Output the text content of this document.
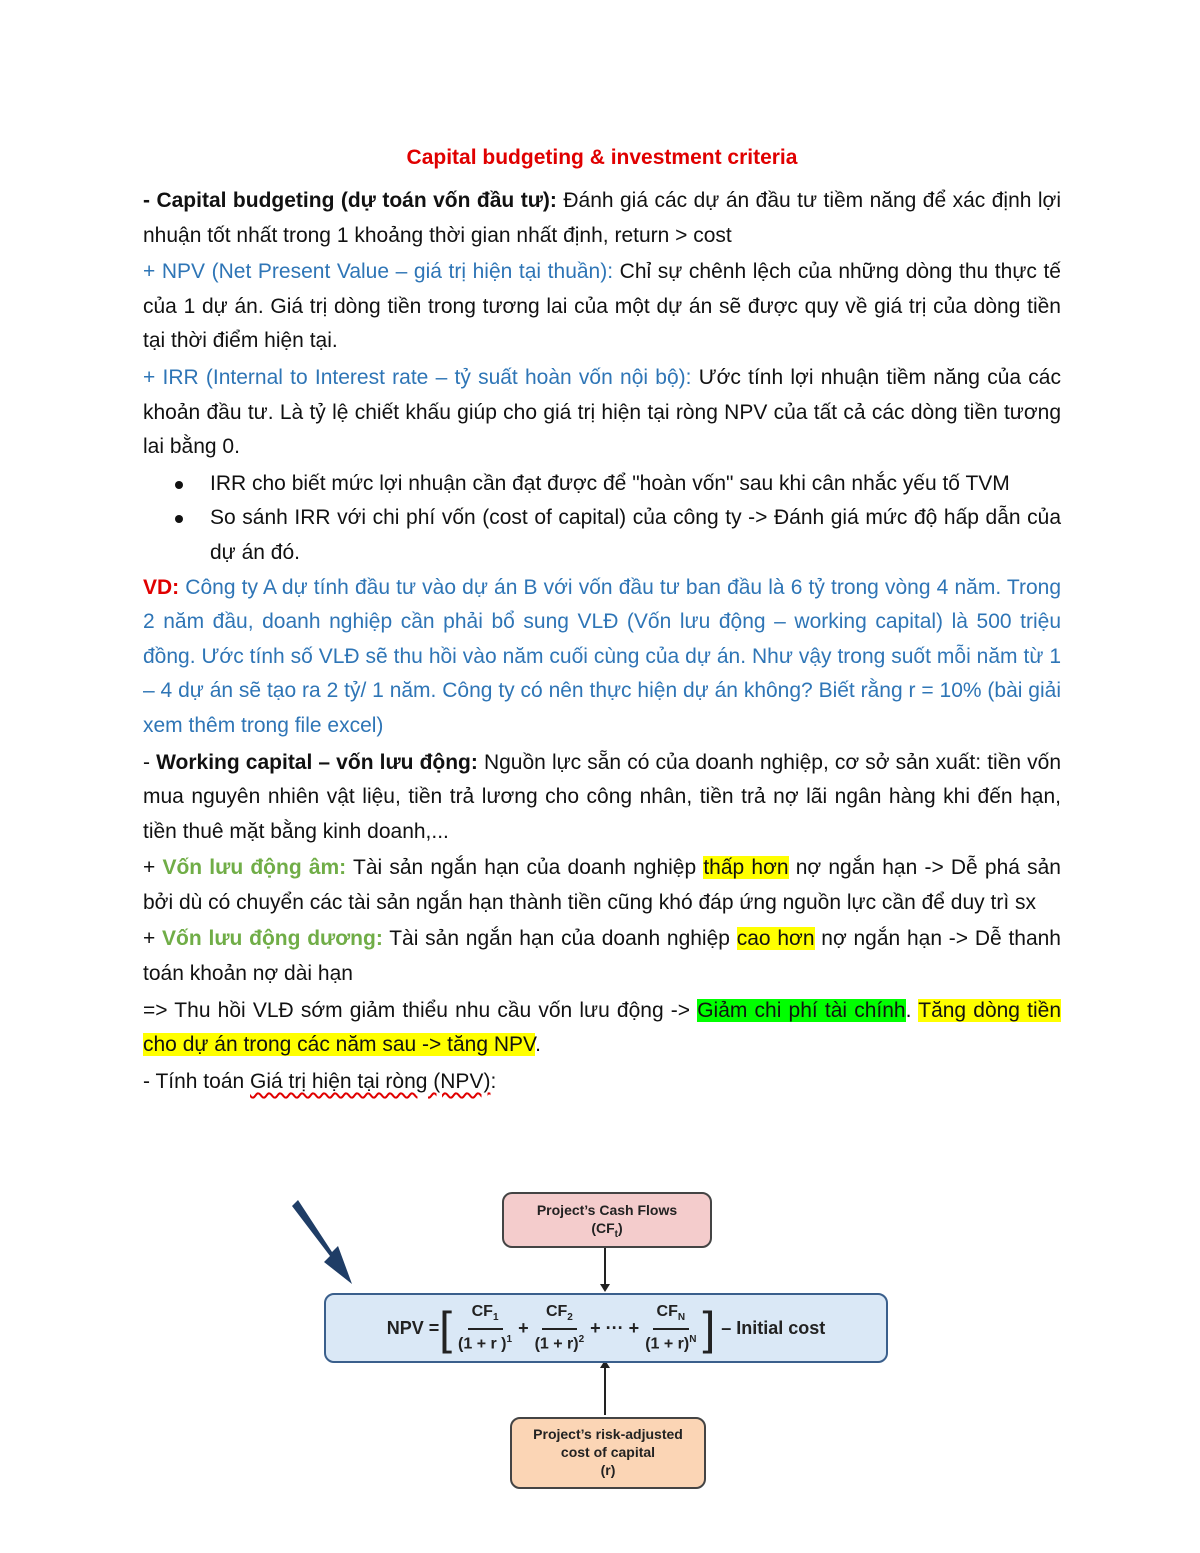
Capital budgeting & investment criteria

- Capital budgeting (dự toán vốn đầu tư): Đánh giá các dự án đầu tư tiềm năng để xác định lợi nhuận tốt nhất trong 1 khoảng thời gian nhất định, return > cost

+ NPV (Net Present Value – giá trị hiện tại thuần): Chỉ sự chênh lệch của những dòng thu thực tế của 1 dự án. Giá trị dòng tiền trong tương lai của một dự án sẽ được quy về giá trị của dòng tiền tại thời điểm hiện tại.

+ IRR (Internal to Interest rate – tỷ suất hoàn vốn nội bộ): Ước tính lợi nhuận tiềm năng của các khoản đầu tư. Là tỷ lệ chiết khấu giúp cho giá trị hiện tại ròng NPV của tất cả các dòng tiền tương lai bằng 0.

IRR cho biết mức lợi nhuận cần đạt được để "hoàn vốn" sau khi cân nhắc yếu tố TVM
So sánh IRR với chi phí vốn (cost of capital) của công ty -> Đánh giá mức độ hấp dẫn của dự án đó.

VD: Công ty A dự tính đầu tư vào dự án B với vốn đầu tư ban đầu là 6 tỷ trong vòng 4 năm. Trong 2 năm đầu, doanh nghiệp cần phải bổ sung VLĐ (Vốn lưu động – working capital) là 500 triệu đồng. Ước tính số VLĐ sẽ thu hồi vào năm cuối cùng của dự án. Như vậy trong suốt mỗi năm từ 1 – 4 dự án sẽ tạo ra 2 tỷ/ 1 năm. Công ty có nên thực hiện dự án không? Biết rằng r = 10% (bài giải xem thêm trong file excel)

- Working capital – vốn lưu động: Nguồn lực sẵn có của doanh nghiệp, cơ sở sản xuất: tiền vốn mua nguyên nhiên vật liệu, tiền trả lương cho công nhân, tiền trả nợ lãi ngân hàng khi đến hạn, tiền thuê mặt bằng kinh doanh,...

+ Vốn lưu động âm: Tài sản ngắn hạn của doanh nghiệp thấp hơn nợ ngắn hạn -> Dễ phá sản bởi dù có chuyển các tài sản ngắn hạn thành tiền cũng khó đáp ứng nguồn lực cần để duy trì sx

+ Vốn lưu động dương: Tài sản ngắn hạn của doanh nghiệp cao hơn nợ ngắn hạn -> Dễ thanh toán khoản nợ dài hạn

=> Thu hồi VLĐ sớm giảm thiểu nhu cầu vốn lưu động -> Giảm chi phí tài chính. Tăng dòng tiền cho dự án trong các năm sau -> tăng NPV.

- Tính toán Giá trị hiện tại ròng (NPV):

Project’s Cash Flows
$(CF_t)$
NPV = [ $\frac{CF_1}{(1 + r )^1} + \frac{CF_2}{(1 + r)^2}$ + ··· + $\frac{CF_N}{(1 + r)^N}$ ] – Initial cost
Project’s risk-adjusted
cost of capital
(r)
